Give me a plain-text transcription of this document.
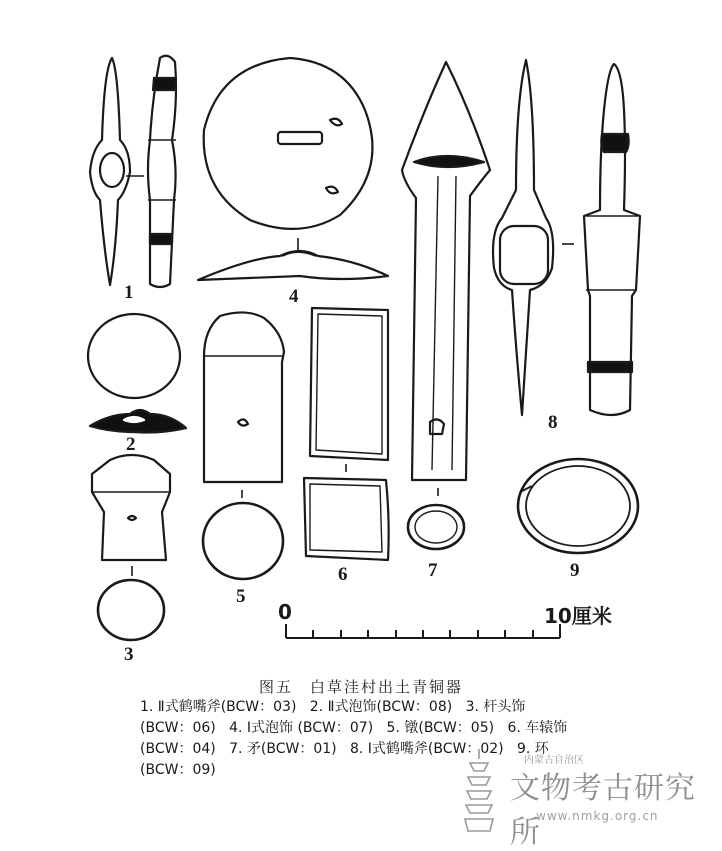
1
2
3
4
5
6	7
8
9
0	10厘米
图五　白草洼村出土青铜器
1. Ⅱ式鹤嘴斧(BCW：03) 2. Ⅱ式泡饰(BCW：08) 3. 杆头饰 (BCW：06) 4. Ⅰ式泡饰 (BCW：07) 5. 镦(BCW：05) 6. 车辕饰(BCW：04) 7. 矛(BCW：01) 8. Ⅰ式鹤嘴斧(BCW：02) 9. 环(BCW：09)
内蒙古自治区
文物考古研究所
www.nmkg.org.cn
